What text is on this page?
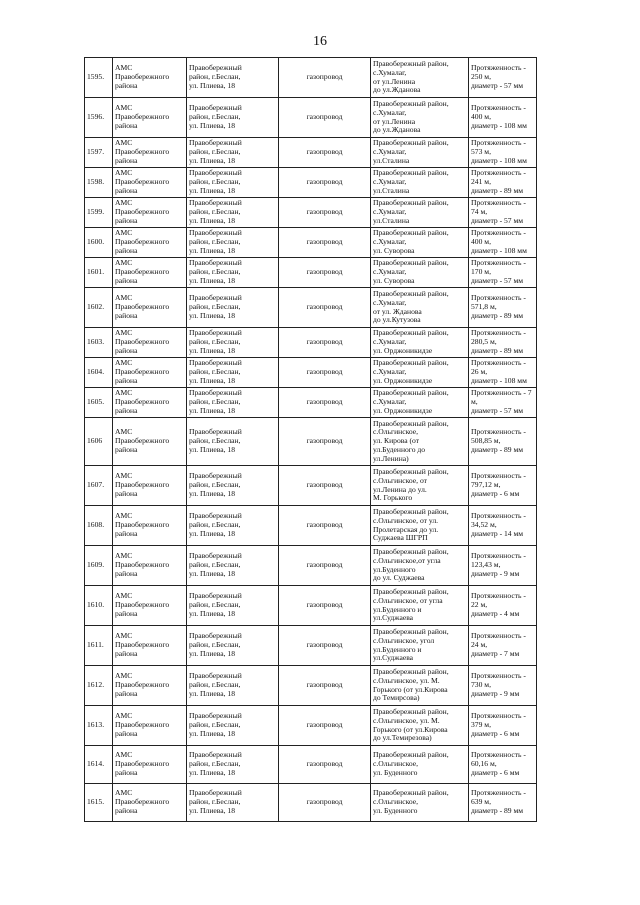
16
1595.	АМС
Правобережного
района	Правобережный
район, г.Беслан,
ул. Плиева, 18	газопровод	Правобережный район,
с.Хумалаг,
от ул.Ленина
до ул.Жданова	Протяженность - 250 м,
диаметр - 57 мм
1596.	АМС
Правобережного
района	Правобережный
район, г.Беслан,
ул. Плиева, 18	газопровод	Правобережный район,
с.Хумалаг,
от ул.Ленина
до ул.Жданова	Протяженность - 400 м,
диаметр - 108 мм
1597.	АМС
Правобережного
района	Правобережный
район, г.Беслан,
ул. Плиева, 18	газопровод	Правобережный район,
с.Хумалаг,
ул.Сталина	Протяженность - 573 м,
диаметр - 108 мм
1598.	АМС
Правобережного
района	Правобережный
район, г.Беслан,
ул. Плиева, 18	газопровод	Правобережный район,
с.Хумалаг,
ул.Сталина	Протяженность - 241 м,
диаметр - 89 мм
1599.	АМС
Правобережного
района	Правобережный
район, г.Беслан,
ул. Плиева, 18	газопровод	Правобережный район,
с.Хумалаг,
ул.Сталина	Протяженность - 74 м,
диаметр - 57 мм
1600.	АМС
Правобережного
района	Правобережный
район, г.Беслан,
ул. Плиева, 18	газопровод	Правобережный район,
с.Хумалаг,
ул. Суворова	Протяженность - 400 м,
диаметр - 108 мм
1601.	АМС
Правобережного
района	Правобережный
район, г.Беслан,
ул. Плиева, 18	газопровод	Правобережный район,
с.Хумалаг,
ул. Суворова	Протяженность - 170 м,
диаметр - 57 мм
1602.	АМС
Правобережного
района	Правобережный
район, г.Беслан,
ул. Плиева, 18	газопровод	Правобережный район,
с.Хумалаг,
от ул. Жданова
до ул.Кутузова	Протяженность - 571,8 м,
диаметр - 89 мм
1603.	АМС
Правобережного
района	Правобережный
район, г.Беслан,
ул. Плиева, 18	газопровод	Правобережный район,
с.Хумалаг,
ул. Орджоникидзе	Протяженность - 280,5 м,
диаметр - 89 мм
1604.	АМС
Правобережного
района	Правобережный
район, г.Беслан,
ул. Плиева, 18	газопровод	Правобережный район,
с.Хумалаг,
ул. Орджоникидзе	Протяженность - 26 м,
диаметр - 108 мм
1605.	АМС
Правобережного
района	Правобережный
район, г.Беслан,
ул. Плиева, 18	газопровод	Правобережный район,
с.Хумалаг,
ул. Орджоникидзе	Протяженность - 7 м,
диаметр - 57 мм
1606	АМС
Правобережного
района	Правобережный
район, г.Беслан,
ул. Плиева, 18	газопровод	Правобережный район,
с.Ольгинское,
ул. Кирова (от
ул.Буденного до
ул.Ленина)	Протяженность - 508,85 м,
диаметр - 89 мм
1607.	АМС
Правобережного
района	Правобережный
район, г.Беслан,
ул. Плиева, 18	газопровод	Правобережный район,
с.Ольгинское, от
ул.Ленина до ул.
М. Горького	Протяженность - 797,12 м,
диаметр - 6 мм
1608.	АМС
Правобережного
района	Правобережный
район, г.Беслан,
ул. Плиева, 18	газопровод	Правобережный район,
с.Ольгинское, от ул.
Пролетарская до ул.
Суджаева ШГРП	Протяженность - 34,52 м,
диаметр - 14 мм
1609.	АМС
Правобережного
района	Правобережный
район, г.Беслан,
ул. Плиева, 18	газопровод	Правобережный район,
с.Ольгинское,от угла
ул.Буденного
до ул. Суджаева	Протяженность - 123,43 м,
диаметр - 9 мм
1610.	АМС
Правобережного
района	Правобережный
район, г.Беслан,
ул. Плиева, 18	газопровод	Правобережный район,
с.Ольгинское, от угла
ул.Буденного и
ул.Суджаева	Протяженность - 22 м,
диаметр - 4 мм
1611.	АМС
Правобережного
района	Правобережный
район, г.Беслан,
ул. Плиева, 18	газопровод	Правобережный район,
с.Ольгинское, угол
ул.Буденного и
ул.Суджаева	Протяженность - 24 м,
диаметр - 7 мм
1612.	АМС
Правобережного
района	Правобережный
район, г.Беслан,
ул. Плиева, 18	газопровод	Правобережный район,
с.Ольгинское, ул. М.
Горького (от ул.Кирова
до Темирсова)	Протяженность - 730 м,
диаметр - 9 мм
1613.	АМС
Правобережного
района	Правобережный
район, г.Беслан,
ул. Плиева, 18	газопровод	Правобережный район,
с.Ольгинское, ул. М.
Горького (от ул.Кирова
до ул.Темирезова)	Протяженность - 379 м,
диаметр - 6 мм
1614.	АМС
Правобережного
района	Правобережный
район, г.Беслан,
ул. Плиева, 18	газопровод	Правобережный район,
с.Ольгинское,
ул. Буденного	Протяженность - 60,16 м,
диаметр - 6 мм
1615.	АМС
Правобережного
района	Правобережный
район, г.Беслан,
ул. Плиева, 18	газопровод	Правобережный район,
с.Ольгинское,
ул. Буденного	Протяженность - 639 м,
диаметр - 89 мм
